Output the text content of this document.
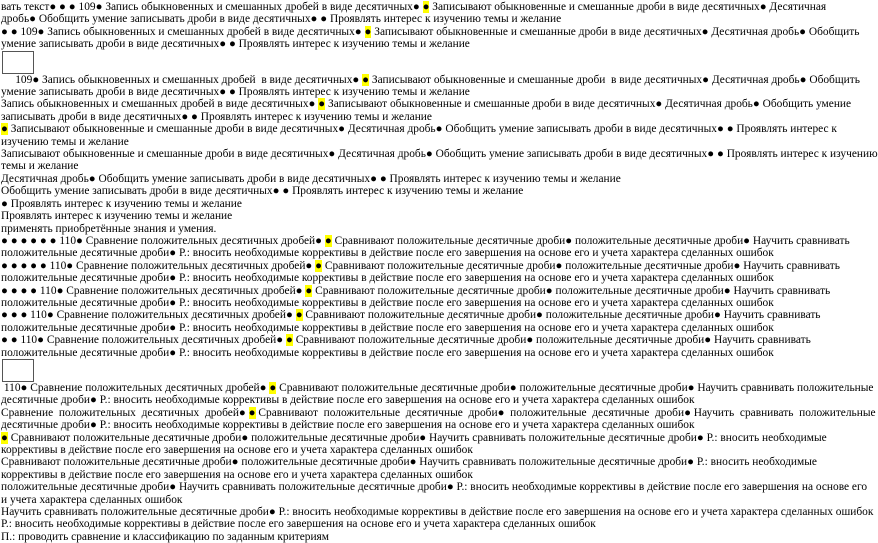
вать текст● ● ● 109● Запись обыкновенных и смешанных дробей в виде десятичных● ● Записывают обыкновенные и смешанные дроби в виде десятичных● Десятичная
дробь● Обобщить умение записывать дроби в виде десятичных● ● Проявлять интерес к изучению темы и желание
● ● 109● Запись обыкновенных и смешанных дробей в виде десятичных● ● Записывают обыкновенные и смешанные дроби в виде десятичных● Десятичная дробь● Обобщить
умение записывать дроби в виде десятичных● ● Проявлять интерес к изучению темы и желание
109● Запись обыкновенных и смешанных дробей  в виде десятичных● ● Записывают обыкновенные и смешанные дроби  в виде десятичных● Десятичная дробь● Обобщить
умение записывать дроби в виде десятичных● ● Проявлять интерес к изучению темы и желание
Запись обыкновенных и смешанных дробей в виде десятичных● ● Записывают обыкновенные и смешанные дроби в виде десятичных● Десятичная дробь● Обобщить умение
записывать дроби в виде десятичных● ● Проявлять интерес к изучению темы и желание
● Записывают обыкновенные и смешанные дроби в виде десятичных● Десятичная дробь● Обобщить умение записывать дроби в виде десятичных● ● Проявлять интерес к
изучению темы и желание
Записывают обыкновенные и смешанные дроби в виде десятичных● Десятичная дробь● Обобщить умение записывать дроби в виде десятичных● ● Проявлять интерес к изучению
темы и желание
Десятичная дробь● Обобщить умение записывать дроби в виде десятичных● ● Проявлять интерес к изучению темы и желание
Обобщить умение записывать дроби в виде десятичных● ● Проявлять интерес к изучению темы и желание
● Проявлять интерес к изучению темы и желание
Проявлять интерес к изучению темы и желание
применять приобретённые знания и умения.
● ● ● ● ● ● 110● Сравнение положительных десятичных дробей● ● Сравнивают положительные десятичные дроби● положительные десятичные дроби● Научить сравнивать
положительные десятичные дроби● Р.: вносить необходимые коррективы в действие после его завершения на основе его и учета характера сделанных ошибок
● ● ● ● ● 110● Сравнение положительных десятичных дробей● ● Сравнивают положительные десятичные дроби● положительные десятичные дроби● Научить сравнивать
положительные десятичные дроби● Р.: вносить необходимые коррективы в действие после его завершения на основе его и учета характера сделанных ошибок
● ● ● ● 110● Сравнение положительных десятичных дробей● ● Сравнивают положительные десятичные дроби● положительные десятичные дроби● Научить сравнивать
положительные десятичные дроби● Р.: вносить необходимые коррективы в действие после его завершения на основе его и учета характера сделанных ошибок
● ● ● 110● Сравнение положительных десятичных дробей● ● Сравнивают положительные десятичные дроби● положительные десятичные дроби● Научить сравнивать
положительные десятичные дроби● Р.: вносить необходимые коррективы в действие после его завершения на основе его и учета характера сделанных ошибок
● ● 110● Сравнение положительных десятичных дробей● ● Сравнивают положительные десятичные дроби● положительные десятичные дроби● Научить сравнивать
положительные десятичные дроби● Р.: вносить необходимые коррективы в действие после его завершения на основе его и учета характера сделанных ошибок
110● Сравнение положительных десятичных дробей● ● Сравнивают положительные десятичные дроби● положительные десятичные дроби● Научить сравнивать положительные
десятичные дроби● Р.: вносить необходимые коррективы в действие после его завершения на основе его и учета характера сделанных ошибок
Сравнение  положительных  десятичных  дробей● ● Сравнивают  положительные  десятичные  дроби●  положительные  десятичные  дроби● Научить  сравнивать  положительные
десятичные дроби● Р.: вносить необходимые коррективы в действие после его завершения на основе его и учета характера сделанных ошибок
● Сравнивают положительные десятичные дроби● положительные десятичные дроби● Научить сравнивать положительные десятичные дроби● Р.: вносить необходимые
коррективы в действие после его завершения на основе его и учета характера сделанных ошибок
Сравнивают положительные десятичные дроби● положительные десятичные дроби● Научить сравнивать положительные десятичные дроби● Р.: вносить необходимые
коррективы в действие после его завершения на основе его и учета характера сделанных ошибок
положительные десятичные дроби● Научить сравнивать положительные десятичные дроби● Р.: вносить необходимые коррективы в действие после его завершения на основе его
и учета характера сделанных ошибок
Научить сравнивать положительные десятичные дроби● Р.: вносить необходимые коррективы в действие после его завершения на основе его и учета характера сделанных ошибок
Р.: вносить необходимые коррективы в действие после его завершения на основе его и учета характера сделанных ошибок
П.: проводить сравнение и классификацию по заданным критериям
